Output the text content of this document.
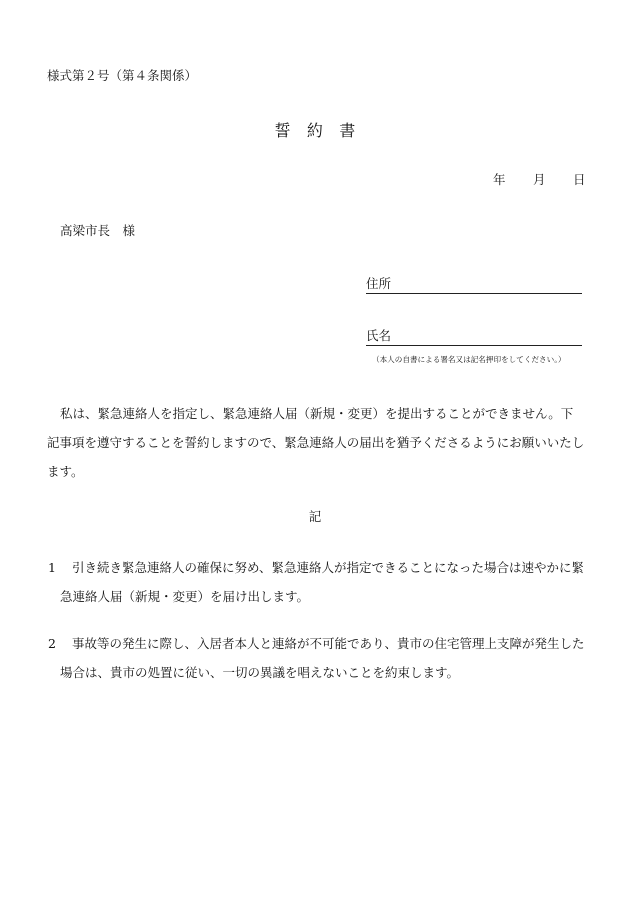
様式第２号（第４条関係）
誓　約　書
年 月 日
高梁市長　様
住所
氏名
（本人の自書による署名又は記名押印をしてください。）
私は、緊急連絡人を指定し、緊急連絡人届（新規・変更）を提出することができません。下記事項を遵守することを誓約しますので、緊急連絡人の届出を猶予くださるようにお願いいたします。
記
1	引き続き緊急連絡人の確保に努め、緊急連絡人が指定できることになった場合は速やかに緊急連絡人届（新規・変更）を届け出します。
2	事故等の発生に際し、入居者本人と連絡が不可能であり、貴市の住宅管理上支障が発生した場合は、貴市の処置に従い、一切の異議を唱えないことを約束します。
